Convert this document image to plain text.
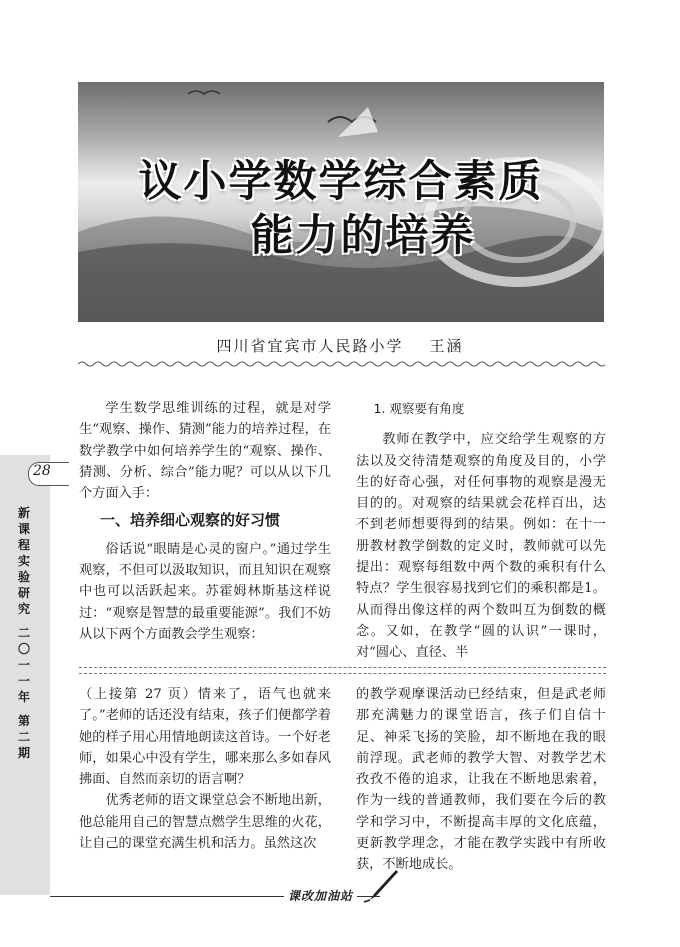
议小学数学综合素质
能力的培养
四川省宜宾市人民路小学 王涵
28
新
课
程
实
验
研
究

二
〇
一
一
年

第
二
期

学生数学思维训练的过程，就是对学生“观察、操作、猜测”能力的培养过程，在数学教学中如何培养学生的“观察、操作、猜测、分析、综合”能力呢？可以从以下几个方面入手：

一、培养细心观察的好习惯

俗话说“眼睛是心灵的窗户。”通过学生观察，不但可以汲取知识，而且知识在观察中也可以活跃起来。苏霍姆林斯基这样说过：“观察是智慧的最重要能源”。我们不妨从以下两个方面教会学生观察：

1. 观察要有角度

教师在教学中，应交给学生观察的方法以及交待清楚观察的角度及目的，小学生的好奇心强，对任何事物的观察是漫无目的的。对观察的结果就会花样百出，达不到老师想要得到的结果。例如：在十一册教材教学倒数的定义时，教师就可以先提出：观察每组数中两个数的乘积有什么特点？学生很容易找到它们的乘积都是1。从而得出像这样的两个数叫互为倒数的概念。又如，在教学“圆的认识”一课时，对“圆心、直径、半

（上接第 27 页）情来了，语气也就来了。”老师的话还没有结束，孩子们便都学着她的样子用心用情地朗读这首诗。一个好老师，如果心中没有学生，哪来那么多如春风拂面、自然而亲切的语言啊？

优秀老师的语文课堂总会不断地出新，他总能用自己的智慧点燃学生思维的火花，让自己的课堂充满生机和活力。虽然这次

的教学观摩课活动已经结束，但是武老师那充满魅力的课堂语言，孩子们自信十足、神采飞扬的笑脸，却不断地在我的眼前浮现。武老师的教学大智、对教学艺术孜孜不倦的追求，让我在不断地思索着，作为一线的普通教师，我们要在今后的教学和学习中，不断提高丰厚的文化底蕴，更新教学理念，才能在教学实践中有所收获，不断地成长。

课改加油站
